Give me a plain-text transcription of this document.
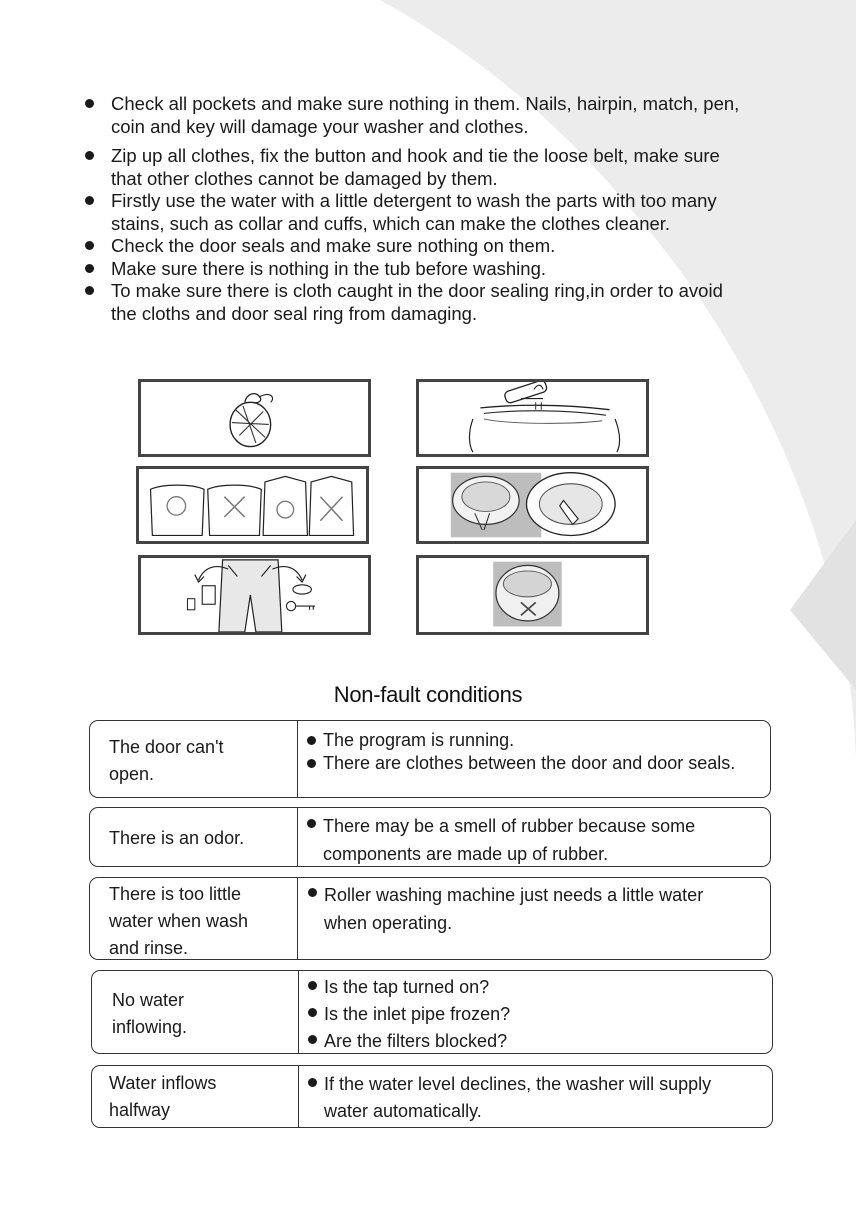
Check all pockets and make sure nothing in them. Nails, hairpin, match, pen, coin and key will damage your washer and clothes.
Zip up all clothes, fix the button and hook and tie the loose belt, make sure that other clothes cannot be damaged by them.
Firstly use the water with a little detergent to wash the parts with too many stains, such as collar and cuffs, which can make the clothes cleaner.
Check the door seals and make sure nothing on them.
Make sure there is nothing in the tub before washing.
To make sure there is cloth caught in the door sealing ring,in order to avoid the cloths and door seal ring from damaging.
Non-fault conditions
The door can't open.
The program is running.
There are clothes between the door and door seals.
There is an odor.
There may be a smell of rubber because some components are made up of rubber.
There is too little water when wash and rinse.
Roller washing machine just needs a little water when operating.
No water inflowing.
Is the tap turned on?
Is the inlet pipe frozen?
Are the filters blocked?
Water inflows halfway
If the water level declines, the washer will supply water automatically.
